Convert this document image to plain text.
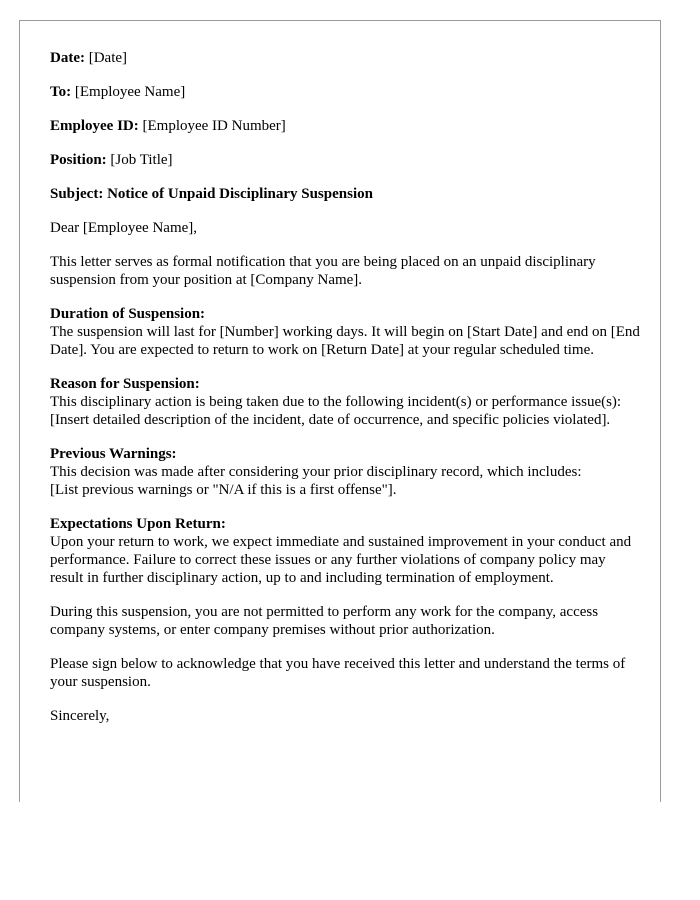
Date: [Date]

To: [Employee Name]

Employee ID: [Employee ID Number]

Position: [Job Title]

Subject: Notice of Unpaid Disciplinary Suspension

Dear [Employee Name],

This letter serves as formal notification that you are being placed on an unpaid disciplinary suspension from your position at [Company Name].

Duration of Suspension:
The suspension will last for [Number] working days. It will begin on [Start Date] and end on [End Date]. You are expected to return to work on [Return Date] at your regular scheduled time.

Reason for Suspension:
This disciplinary action is being taken due to the following incident(s) or performance issue(s):
[Insert detailed description of the incident, date of occurrence, and specific policies violated].

Previous Warnings:
This decision was made after considering your prior disciplinary record, which includes:
[List previous warnings or "N/A if this is a first offense"].

Expectations Upon Return:
Upon your return to work, we expect immediate and sustained improvement in your conduct and performance. Failure to correct these issues or any further violations of company policy may result in further disciplinary action, up to and including termination of employment.

During this suspension, you are not permitted to perform any work for the company, access company systems, or enter company premises without prior authorization.

Please sign below to acknowledge that you have received this letter and understand the terms of your suspension.

Sincerely,
